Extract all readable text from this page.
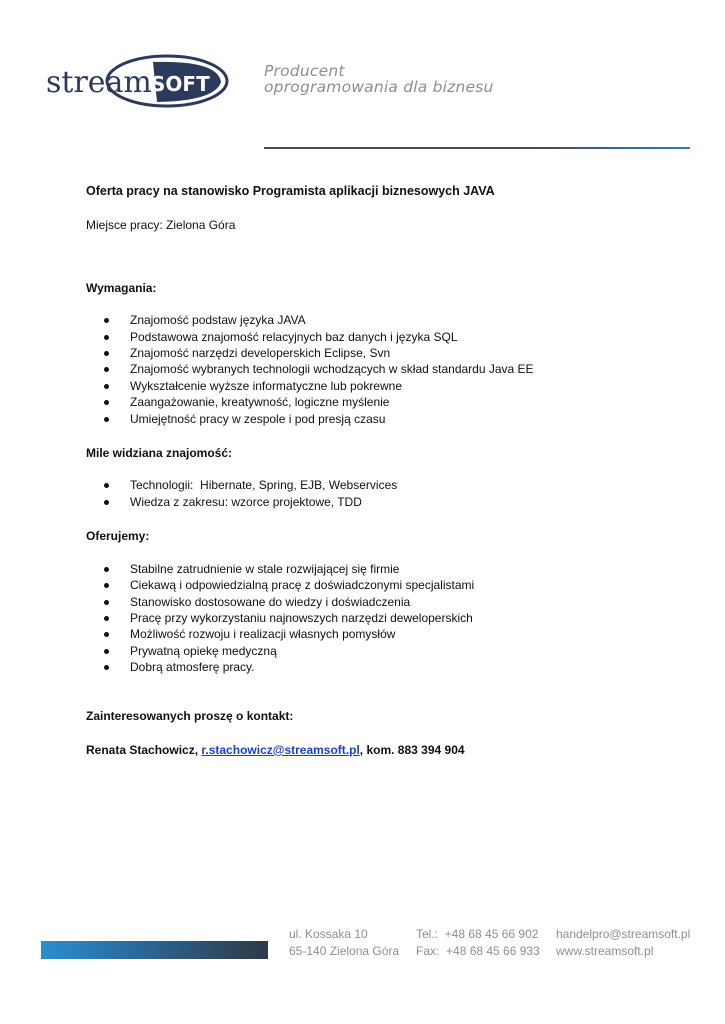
stream SOFT
Producent
oprogramowania dla biznesu

Oferta pracy na stanowisko Programista aplikacji biznesowych JAVA

Miejsce pracy: Zielona Góra

Wymagania:

Znajomość podstaw języka JAVA
Podstawowa znajomość relacyjnych baz danych i języka SQL
Znajomość narzędzi developerskich Eclipse, Svn
Znajomość wybranych technologii wchodzących w skład standardu Java EE
Wykształcenie wyższe informatyczne lub pokrewne
Zaangażowanie, kreatywność, logiczne myślenie
Umiejętność pracy w zespole i pod presją czasu

Mile widziana znajomość:

Technologii:  Hibernate, Spring, EJB, Webservices
Wiedza z zakresu: wzorce projektowe, TDD

Oferujemy:

Stabilne zatrudnienie w stale rozwijającej się firmie
Ciekawą i odpowiedzialną pracę z doświadczonymi specjalistami
Stanowisko dostosowane do wiedzy i doświadczenia
Pracę przy wykorzystaniu najnowszych narzędzi deweloperskich
Możliwość rozwoju i realizacji własnych pomysłów
Prywatną opiekę medyczną
Dobrą atmosferę pracy.

Zainteresowanych proszę o kontakt:

Renata Stachowicz, r.stachowicz@streamsoft.pl, kom. 883 394 904

ul. Kossaka 10
65-140 Zielona Góra
Tel.:  +48 68 45 66 902
Fax:  +48 68 45 66 933
handelpro@streamsoft.pl
www.streamsoft.pl
